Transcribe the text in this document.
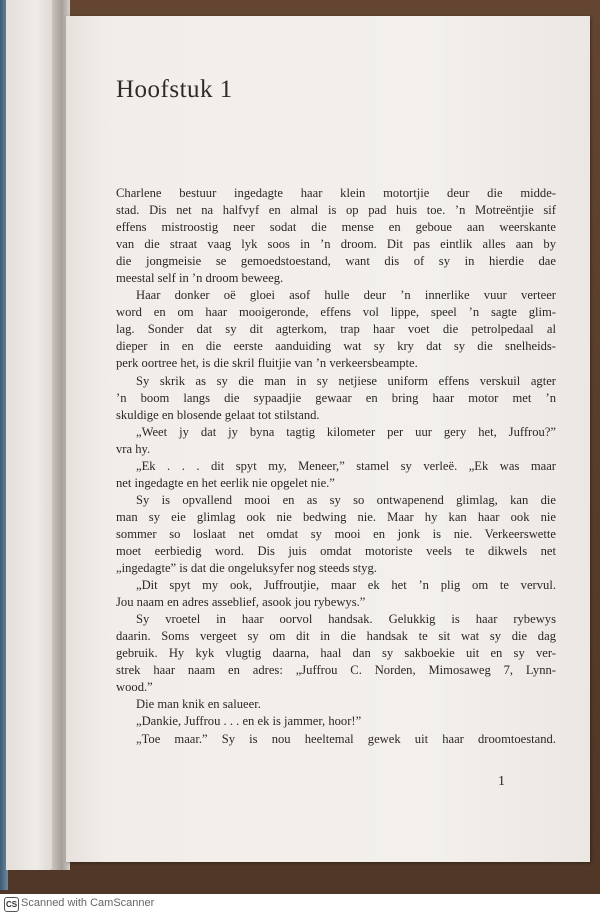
Hoofstuk 1
Charlene bestuur ingedagte haar klein motortjie deur die midde-
stad. Dis net na halfvyf en almal is op pad huis toe. ’n Motreëntjie sif
effens mistroostig neer sodat die mense en geboue aan weerskante
van die straat vaag lyk soos in ’n droom. Dit pas eintlik alles aan by
die jongmeisie se gemoedstoestand, want dis of sy in hierdie dae
meestal self in ’n droom beweeg.
Haar donker oë gloei asof hulle deur ’n innerlike vuur verteer
word en om haar mooigeronde, effens vol lippe, speel ’n sagte glim-
lag. Sonder dat sy dit agterkom, trap haar voet die petrolpedaal al
dieper in en die eerste aanduiding wat sy kry dat sy die snelheids-
perk oortree het, is die skril fluitjie van ’n verkeersbeampte.
Sy skrik as sy die man in sy netjiese uniform effens verskuil agter
’n boom langs die sypaadjie gewaar en bring haar motor met ’n
skuldige en blosende gelaat tot stilstand.
„Weet jy dat jy byna tagtig kilometer per uur gery het, Juffrou?”
vra hy.
„Ek . . . dit spyt my, Meneer,” stamel sy verleë. „Ek was maar
net ingedagte en het eerlik nie opgelet nie.”
Sy is opvallend mooi en as sy so ontwapenend glimlag, kan die
man sy eie glimlag ook nie bedwing nie. Maar hy kan haar ook nie
sommer so loslaat net omdat sy mooi en jonk is nie. Verkeerswette
moet eerbiedig word. Dis juis omdat motoriste veels te dikwels net
„ingedagte” is dat die ongeluksyfer nog steeds styg.
„Dit spyt my ook, Juffroutjie, maar ek het ’n plig om te vervul.
Jou naam en adres asseblief, asook jou rybewys.”
Sy vroetel in haar oorvol handsak. Gelukkig is haar rybewys
daarin. Soms vergeet sy om dit in die handsak te sit wat sy die dag
gebruik. Hy kyk vlugtig daarna, haal dan sy sakboekie uit en sy ver-
strek haar naam en adres: „Juffrou C. Norden, Mimosaweg 7, Lynn-
wood.”
Die man knik en salueer.
„Dankie, Juffrou . . . en ek is jammer, hoor!”
„Toe maar.” Sy is nou heeltemal gewek uit haar droomtoestand.
1
CS Scanned with CamScanner
